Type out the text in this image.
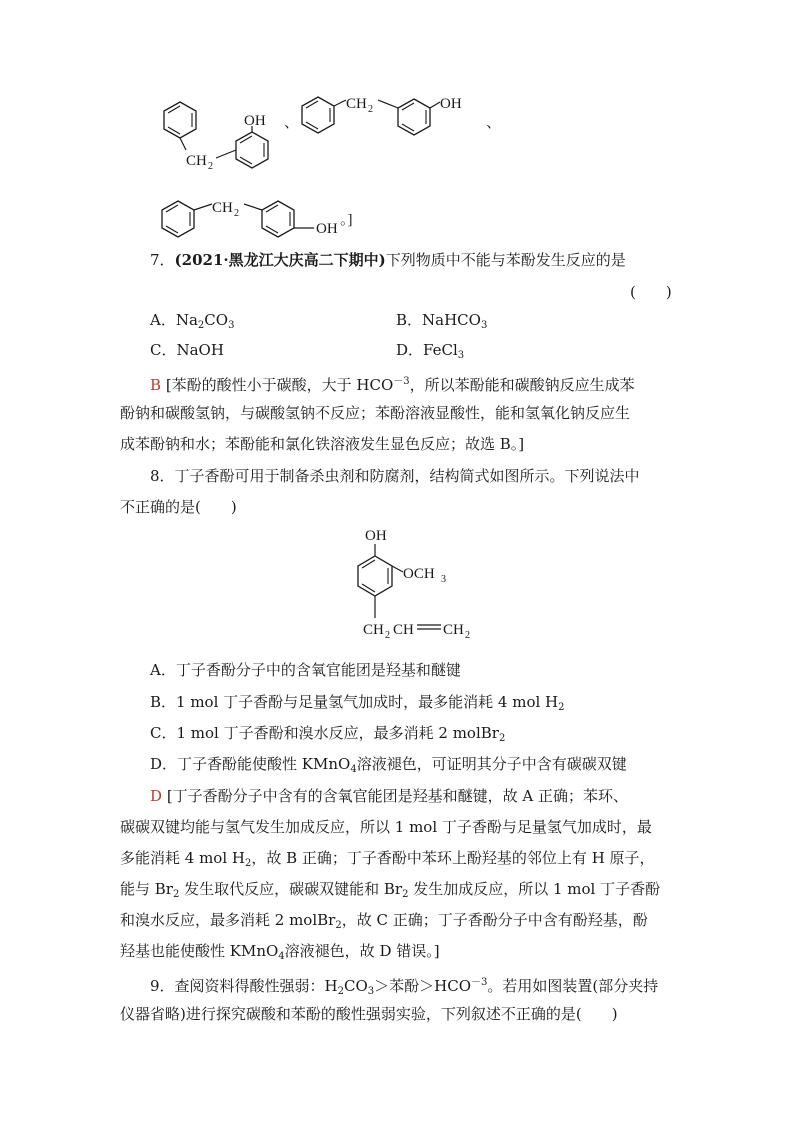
CH 2
OH 、
CH 2	OH
、
CH 2
OH
。]
7．(2021·黑龙江大庆高二下期中)下列物质中不能与苯酚发生反应的是
(　　)
A．$Na_2CO_3$	B．NaHCO$_3$
C．NaOH	D．FeCl$_3$
B [苯酚的酸性小于碳酸，大于 $HCO^{-3}$，所以苯酚能和碳酸钠反应生成苯
酚钠和碳酸氢钠，与碳酸氢钠不反应；苯酚溶液显酸性，能和氢氧化钠反应生
成苯酚钠和水；苯酚能和氯化铁溶液发生显色反应；故选 B。]
8．丁子香酚可用于制备杀虫剂和防腐剂，结构简式如图所示。下列说法中
不正确的是(　　)
OH
OCH 3
CH 2 CH CH 2
A．丁子香酚分子中的含氧官能团是羟基和醚键
B．1 mol 丁子香酚与足量氢气加成时，最多能消耗 4 mol $H_2$
C．1 mol 丁子香酚和溴水反应，最多消耗 2 molBr$_2$
D．丁子香酚能使酸性 KMnO$_4$溶液褪色，可证明其分子中含有碳碳双键
D [丁子香酚分子中含有的含氧官能团是羟基和醚键，故 A 正确；苯环、
碳碳双键均能与氢气发生加成反应，所以 1 mol 丁子香酚与足量氢气加成时，最
多能消耗 4 mol $H_2$，故 B 正确；丁子香酚中苯环上酚羟基的邻位上有 H 原子，
能与 $Br_2$ 发生取代反应，碳碳双键能和 $Br_2$ 发生加成反应，所以 1 mol 丁子香酚
和溴水反应，最多消耗 2 molBr$_2$，故 C 正确；丁子香酚分子中含有酚羟基，酚
羟基也能使酸性 KMnO$_4$溶液褪色，故 D 错误。]
9．查阅资料得酸性强弱：$H_2CO_3>$苯酚$>HCO^{-3}$。若用如图装置(部分夹持
仪器省略)进行探究碳酸和苯酚的酸性强弱实验，下列叙述不正确的是(　　)
